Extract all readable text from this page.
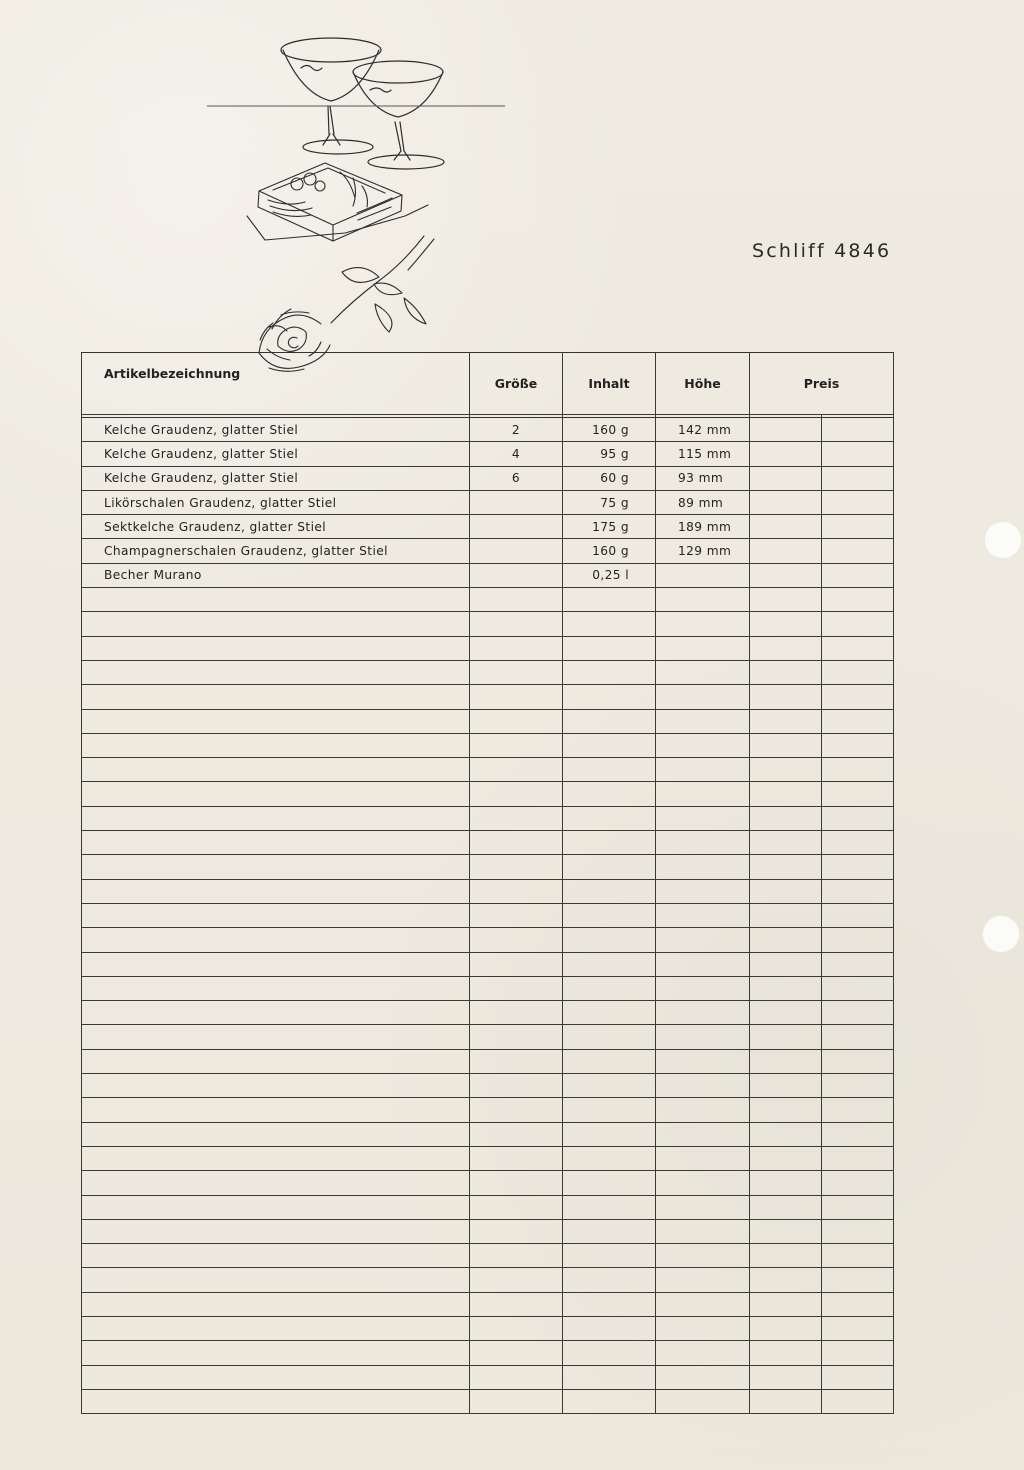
Schliff 4846
Artikelbezeichnung	Größe	Inhalt	Höhe	Preis	

Kelche Graudenz, glatter Stiel	2	160 g	142 mm		
Kelche Graudenz, glatter Stiel	4	95 g	115 mm		
Kelche Graudenz, glatter Stiel	6	60 g	93 mm		
Likörschalen Graudenz, glatter Stiel		75 g	89 mm		
Sektkelche Graudenz, glatter Stiel		175 g	189 mm		
Champagnerschalen Graudenz, glatter Stiel		160 g	129 mm		
Becher Murano		0,25 l			
